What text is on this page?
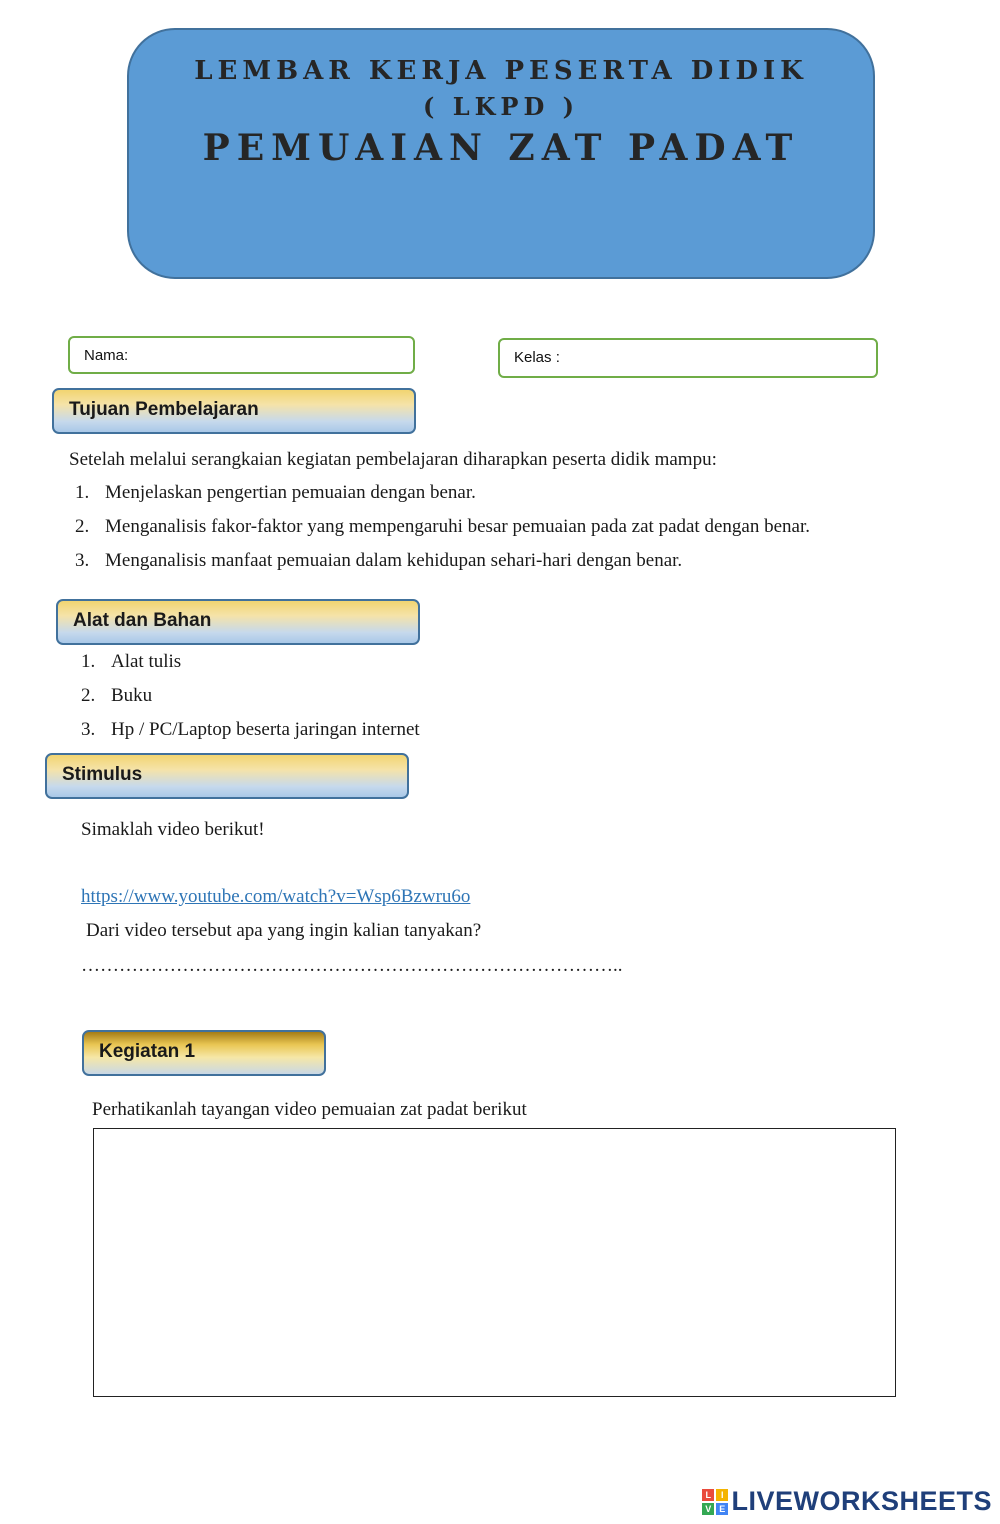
LEMBAR KERJA PESERTA DIDIK
( LKPD )
PEMUAIAN ZAT PADAT
Nama:	Kelas :
Tujuan Pembelajaran
Setelah melalui serangkaian kegiatan pembelajaran diharapkan peserta didik mampu:
1. Menjelaskan pengertian pemuaian dengan benar.
2. Menganalisis fakor-faktor yang mempengaruhi besar pemuaian pada zat padat dengan benar.
3. Menganalisis manfaat pemuaian dalam kehidupan sehari-hari dengan benar.
Alat dan Bahan
1. Alat tulis
2. Buku
3. Hp / PC/Laptop beserta jaringan internet
Stimulus
Simaklah video berikut!
https://www.youtube.com/watch?v=Wsp6Bzwru6o
Dari video tersebut apa yang ingin kalian tanyakan?
…………………………………………………………………………..
Kegiatan 1
Perhatikanlah tayangan video pemuaian zat padat berikut
L	I
V E LIVEWORKSHEETS
